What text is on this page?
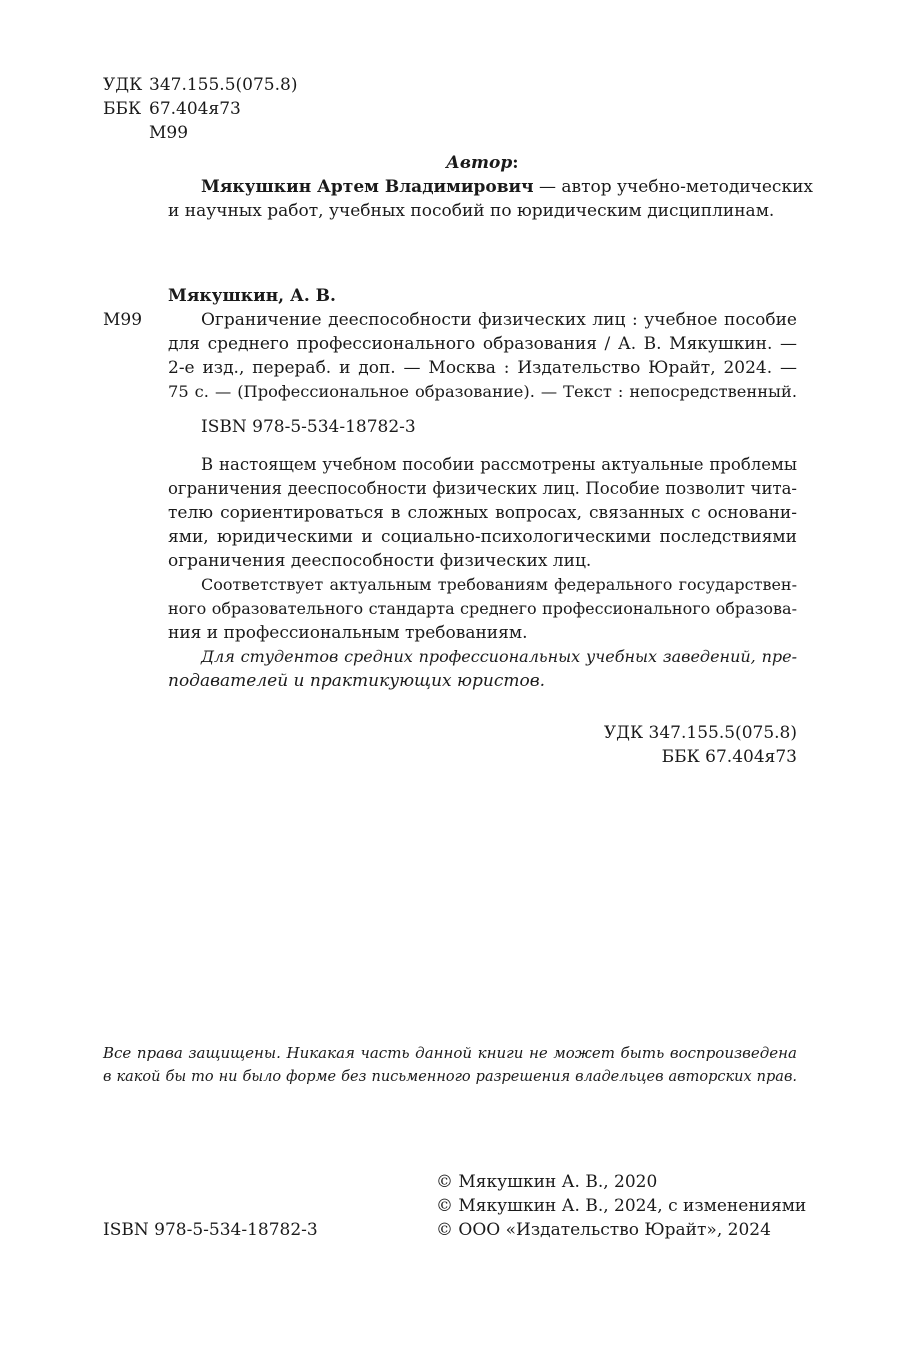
УДК 347.155.5(075.8)
ББК 67.404я73
М99
Автор:
Мякушкин Артем Владимирович — автор учебно-методических
и научных работ, учебных пособий по юридическим дисциплинам.
Мякушкин, А. В.
М99	Ограничение дееспособности физических лиц : учебное пособие
для среднего профессионального образования / А. В. Мякушкин. —
2-е изд., перераб. и доп. — Москва : Издательство Юрайт, 2024. —
75 с. — (Профессиональное образование). — Текст : непосредственный.
ISBN 978-5-534-18782-3
В настоящем учебном пособии рассмотрены актуальные проблемы
ограничения дееспособности физических лиц. Пособие позволит чита-
телю сориентироваться в сложных вопросах, связанных с основани-
ями, юридическими и социально-психологическими последствиями
ограничения дееспособности физических лиц.
Соответствует актуальным требованиям федерального государствен-
ного образовательного стандарта среднего профессионального образова-
ния и профессиональным требованиям.
Для студентов средних профессиональных учебных заведений, пре-
подавателей и практикующих юристов.
УДК 347.155.5(075.8)
ББК 67.404я73
Все права защищены. Никакая часть данной книги не может быть воспроизведена
в какой бы то ни было форме без письменного разрешения владельцев авторских прав.
ISBN 978-5-534-18782-3
© Мякушкин А. В., 2020
© Мякушкин А. В., 2024, с изменениями
© ООО «Издательство Юрайт», 2024
